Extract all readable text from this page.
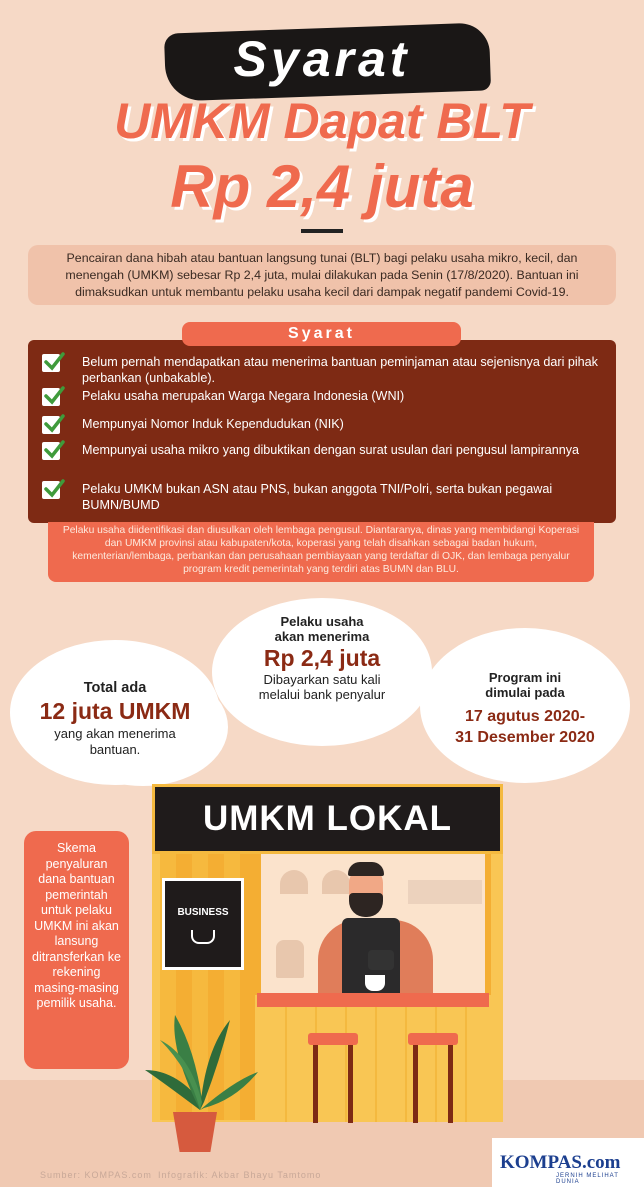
Syarat
UMKM Dapat BLT
Rp 2,4 juta
Pencairan dana hibah atau bantuan langsung tunai (BLT) bagi pelaku usaha mikro, kecil, dan menengah (UMKM) sebesar Rp 2,4 juta, mulai dilakukan pada Senin (17/8/2020). Bantuan ini dimaksudkan untuk membantu pelaku usaha kecil dari dampak negatif pandemi Covid-19.
Belum pernah mendapatkan atau menerima bantuan peminjaman atau sejenisnya dari pihak perbankan (unbakable).
Pelaku usaha merupakan Warga Negara Indonesia (WNI)
Mempunyai Nomor Induk Kependudukan (NIK)
Mempunyai usaha mikro yang dibuktikan dengan surat usulan dari pengusul lampirannya
Pelaku UMKM bukan ASN atau PNS, bukan anggota TNI/Polri, serta bukan pegawai BUMN/BUMD
Syarat
Pelaku usaha diidentifikasi dan diusulkan oleh lembaga pengusul. Diantaranya, dinas yang membidangi Koperasi dan UMKM provinsi atau kabupaten/kota, koperasi yang telah disahkan sebagai badan hukum, kementerian/lembaga, perbankan dan perusahaan pembiayaan yang terdaftar di OJK, dan lembaga penyalur program kredit pemerintah yang terdiri atas BUMN dan BLU.
Total ada
12 juta UMKM
yang akan menerima
bantuan.
Pelaku usaha
akan menerima
Rp 2,4 juta
Dibayarkan satu kali
melalui bank penyalur
Program ini
dimulai pada
17 agutus 2020-
31 Desember 2020
BUSINESS
UMKM LOKAL
Skema penyaluran dana bantuan pemerintah untuk pelaku UMKM ini akan lansung ditransferkan ke rekening masing-masing pemilik usaha.
Sumber: KOMPAS.com Infografik: Akbar Bhayu Tamtomo
KOMPAS.com
JERNIH MELIHAT DUNIA
